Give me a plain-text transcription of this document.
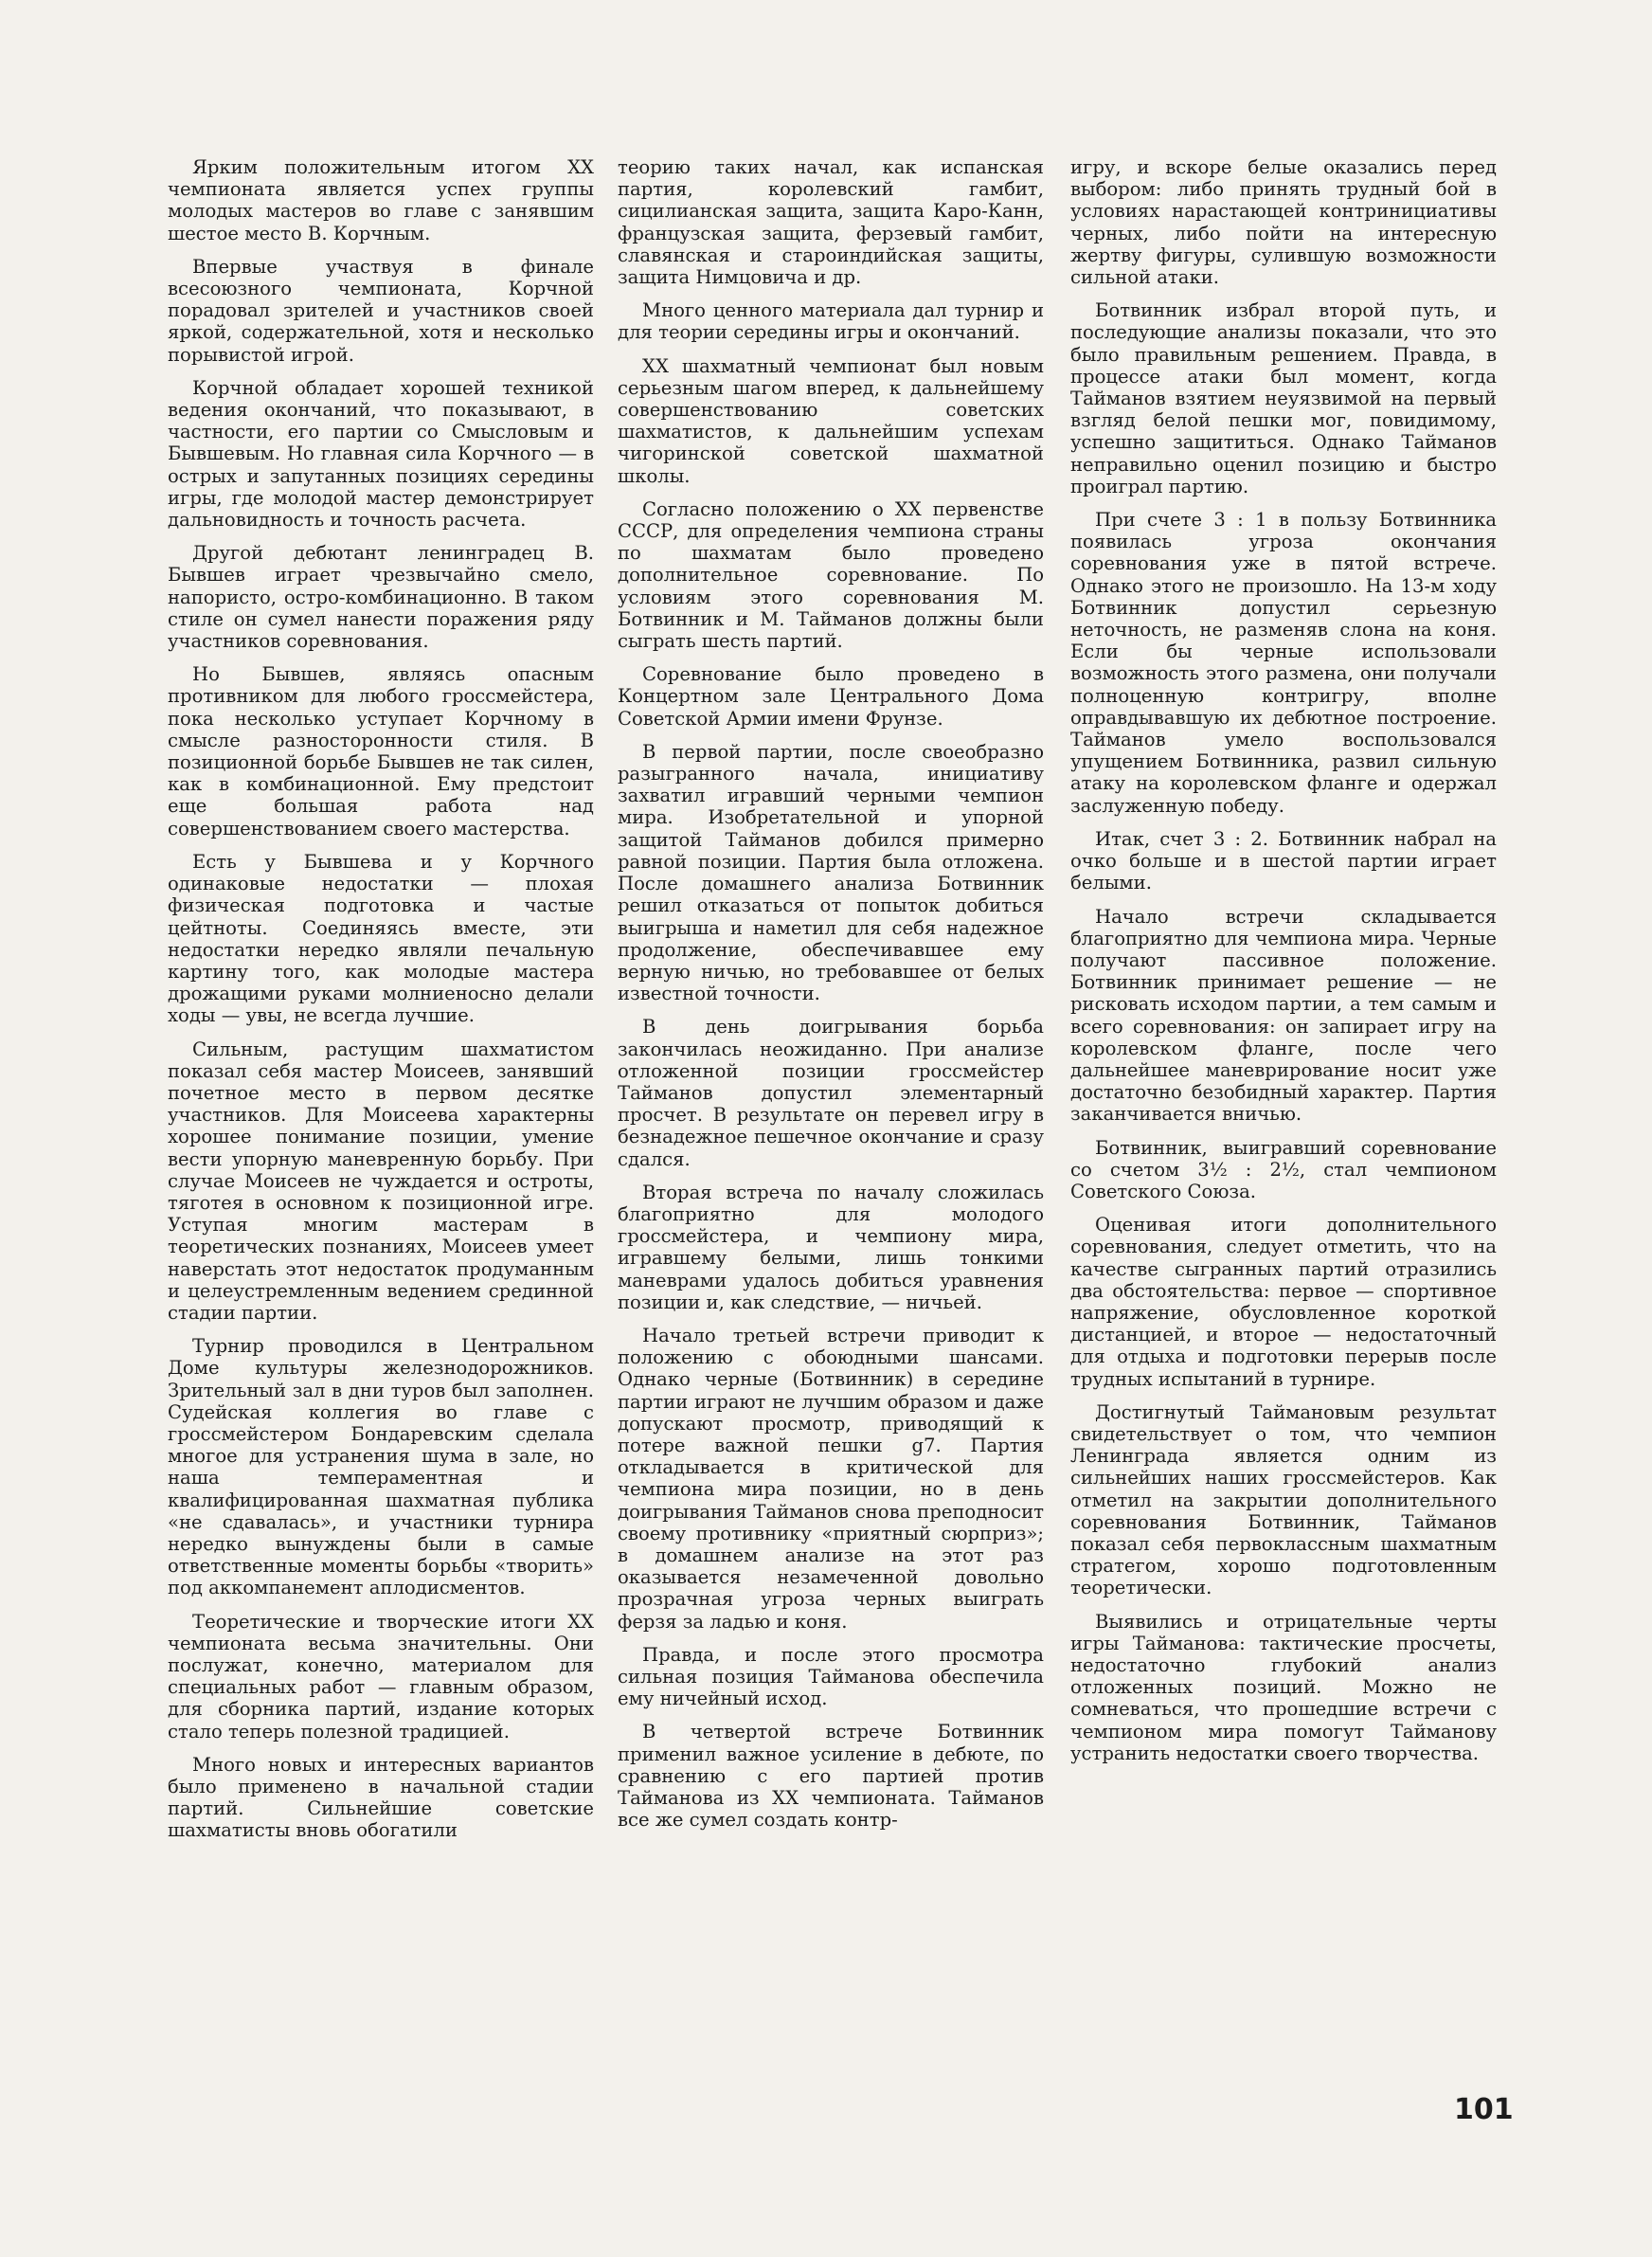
Ярким положительным итогом XX чемпионата является успех группы молодых мастеров во главе с занявшим шестое место В. Корчным.

Впервые участвуя в финале всесоюзного чемпионата, Корчной порадовал зрителей и участников своей яркой, содержательной, хотя и несколько порывистой игрой.

Корчной обладает хорошей техникой ведения окончаний, что показывают, в частности, его партии со Смысловым и Бывшевым. Но главная сила Корчного — в острых и запутанных позициях середины игры, где молодой мастер демонстрирует дальновидность и точность расчета.

Другой дебютант ленинградец В. Бывшев играет чрезвычайно смело, напористо, остро-комбинационно. В таком стиле он сумел нанести поражения ряду участников соревнования.

Но Бывшев, являясь опасным противником для любого гроссмейстера, пока несколько уступает Корчному в смысле разносторонности стиля. В позиционной борьбе Бывшев не так силен, как в комбинационной. Ему предстоит еще большая работа над совершенствованием своего мастерства.

Есть у Бывшева и у Корчного одинаковые недостатки — плохая физическая подготовка и частые цейтноты. Соединяясь вместе, эти недостатки нередко являли печальную картину того, как молодые мастера дрожащими руками молниеносно делали ходы — увы, не всегда лучшие.

Сильным, растущим шахматистом показал себя мастер Моисеев, занявший почетное место в первом десятке участников. Для Моисеева характерны хорошее понимание позиции, умение вести упорную маневренную борьбу. При случае Моисеев не чуждается и остроты, тяготея в основном к позиционной игре. Уступая многим мастерам в теоретических познаниях, Моисеев умеет наверстать этот недостаток продуманным и целеустремленным ведением срединной стадии партии.

Турнир проводился в Центральном Доме культуры железнодорожников. Зрительный зал в дни туров был заполнен. Судейская коллегия во главе с гроссмейстером Бондаревским сделала многое для устранения шума в зале, но наша темпераментная и квалифицированная шахматная публика «не сдавалась», и участники турнира нередко вынуждены были в самые ответственные моменты борьбы «творить» под аккомпанемент аплодисментов.

Теоретические и творческие итоги XX чемпионата весьма значительны. Они послужат, конечно, материалом для специальных работ — главным образом, для сборника партий, издание которых стало теперь полезной традицией.

Много новых и интересных вариантов было применено в начальной стадии партий. Сильнейшие советские шахматисты вновь обогатили

теорию таких начал, как испанская партия, королевский гамбит, сицилианская защита, защита Каро-Канн, французская защита, ферзевый гамбит, славянская и староиндийская защиты, защита Нимцовича и др.

Много ценного материала дал турнир и для теории середины игры и окончаний.

XX шахматный чемпионат был новым серьезным шагом вперед, к дальнейшему совершенствованию советских шахматистов, к дальнейшим успехам чигоринской советской шахматной школы.

Согласно положению о XX первенстве СССР, для определения чемпиона страны по шахматам было проведено дополнительное соревнование. По условиям этого соревнования М. Ботвинник и М. Тайманов должны были сыграть шесть партий.

Соревнование было проведено в Концертном зале Центрального Дома Советской Армии имени Фрунзе.

В первой партии, после своеобразно разыгранного начала, инициативу захватил игравший черными чемпион мира. Изобретательной и упорной защитой Тайманов добился примерно равной позиции. Партия была отложена. После домашнего анализа Ботвинник решил отказаться от попыток добиться выигрыша и наметил для себя надежное продолжение, обеспечивавшее ему верную ничью, но требовавшее от белых известной точности.

В день доигрывания борьба закончилась неожиданно. При анализе отложенной позиции гроссмейстер Тайманов допустил элементарный просчет. В результате он перевел игру в безнадежное пешечное окончание и сразу сдался.

Вторая встреча по началу сложилась благоприятно для молодого гроссмейстера, и чемпиону мира, игравшему белыми, лишь тонкими маневрами удалось добиться уравнения позиции и, как следствие, — ничьей.

Начало третьей встречи приводит к положению с обоюдными шансами. Однако черные (Ботвинник) в середине партии играют не лучшим образом и даже допускают просмотр, приводящий к потере важной пешки g7. Партия откладывается в критической для чемпиона мира позиции, но в день доигрывания Тайманов снова преподносит своему противнику «приятный сюрприз»; в домашнем анализе на этот раз оказывается незамеченной довольно прозрачная угроза черных выиграть ферзя за ладью и коня.

Правда, и после этого просмотра сильная позиция Тайманова обеспечила ему ничейный исход.

В четвертой встрече Ботвинник применил важное усиление в дебюте, по сравнению с его партией против Тайманова из XX чемпионата. Тайманов все же сумел создать контр-

игру, и вскоре белые оказались перед выбором: либо принять трудный бой в условиях нарастающей контринициативы черных, либо пойти на интересную жертву фигуры, сулившую возможности сильной атаки.

Ботвинник избрал второй путь, и последующие анализы показали, что это было правильным решением. Правда, в процессе атаки был момент, когда Тайманов взятием неуязвимой на первый взгляд белой пешки мог, повидимому, успешно защититься. Однако Тайманов неправильно оценил позицию и быстро проиграл партию.

При счете 3 : 1 в пользу Ботвинника появилась угроза окончания соревнования уже в пятой встрече. Однако этого не произошло. На 13-м ходу Ботвинник допустил серьезную неточность, не разменяв слона на коня. Если бы черные использовали возможность этого размена, они получали полноценную контригру, вполне оправдывавшую их дебютное построение. Тайманов умело воспользовался упущением Ботвинника, развил сильную атаку на королевском фланге и одержал заслуженную победу.

Итак, счет 3 : 2. Ботвинник набрал на очко больше и в шестой партии играет белыми.

Начало встречи складывается благоприятно для чемпиона мира. Черные получают пассивное положение. Ботвинник принимает решение — не рисковать исходом партии, а тем самым и всего соревнования: он запирает игру на королевском фланге, после чего дальнейшее маневрирование носит уже достаточно безобидный характер. Партия заканчивается вничью.

Ботвинник, выигравший соревнование со счетом 3½ : 2½, стал чемпионом Советского Союза.

Оценивая итоги дополнительного соревнования, следует отметить, что на качестве сыгранных партий отразились два обстоятельства: первое — спортивное напряжение, обусловленное короткой дистанцией, и второе — недостаточный для отдыха и подготовки перерыв после трудных испытаний в турнире.

Достигнутый Таймановым результат свидетельствует о том, что чемпион Ленинграда является одним из сильнейших наших гроссмейстеров. Как отметил на закрытии дополнительного соревнования Ботвинник, Тайманов показал себя первоклассным шахматным стратегом, хорошо подготовленным теоретически.

Выявились и отрицательные черты игры Тайманова: тактические просчеты, недостаточно глубокий анализ отложенных позиций. Можно не сомневаться, что прошедшие встречи с чемпионом мира помогут Тайманову устранить недостатки своего творчества.

101
